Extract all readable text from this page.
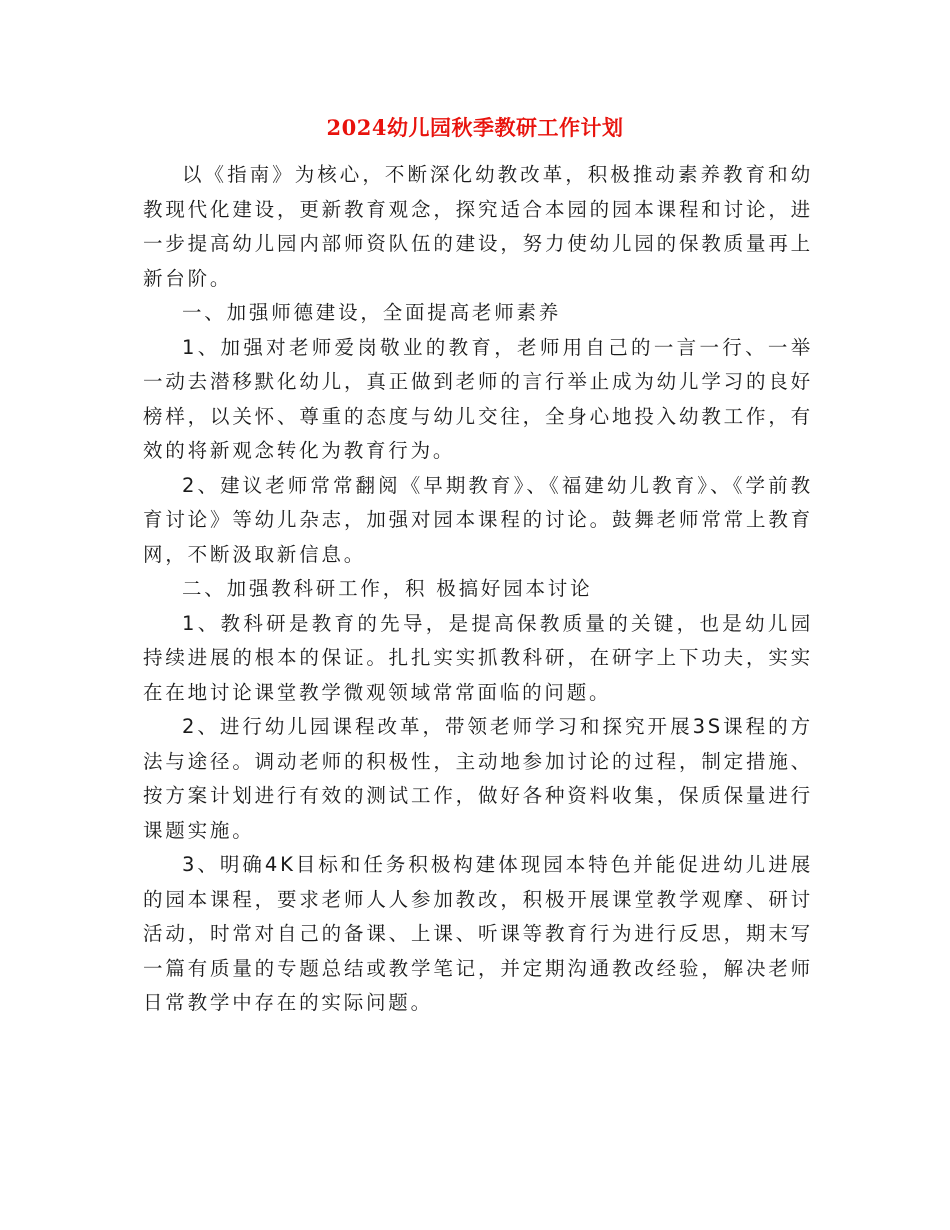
2024幼儿园秋季教研工作计划

以《指南》为核心，不断深化幼教改革，积极推动素养教育和幼教现代化建设，更新教育观念，探究适合本园的园本课程和讨论，进一步提高幼儿园内部师资队伍的建设，努力使幼儿园的保教质量再上新台阶。

一、加强师德建设，全面提高老师素养

1、加强对老师爱岗敬业的教育，老师用自己的一言一行、一举一动去潜移默化幼儿，真正做到老师的言行举止成为幼儿学习的良好榜样，以关怀、尊重的态度与幼儿交往，全身心地投入幼教工作，有效的将新观念转化为教育行为。

2、建议老师常常翻阅《早期教育》、《福建幼儿教育》、《学前教育讨论》等幼儿杂志，加强对园本课程的讨论。鼓舞老师常常上教育网，不断汲取新信息。

二、加强教科研工作，积 极搞好园本讨论

1、教科研是教育的先导，是提高保教质量的关键，也是幼儿园持续进展的根本的保证。扎扎实实抓教科研，在研字上下功夫，实实在在地讨论课堂教学微观领域常常面临的问题。

2、进行幼儿园课程改革，带领老师学习和探究开展3S课程的方法与途径。调动老师的积极性，主动地参加讨论的过程，制定措施、按方案计划进行有效的测试工作，做好各种资料收集，保质保量进行课题实施。

3、明确4K目标和任务积极构建体现园本特色并能促进幼儿进展的园本课程，要求老师人人参加教改，积极开展课堂教学观摩、研讨活动，时常对自己的备课、上课、听课等教育行为进行反思，期末写一篇有质量的专题总结或教学笔记，并定期沟通教改经验，解决老师日常教学中存在的实际问题。
